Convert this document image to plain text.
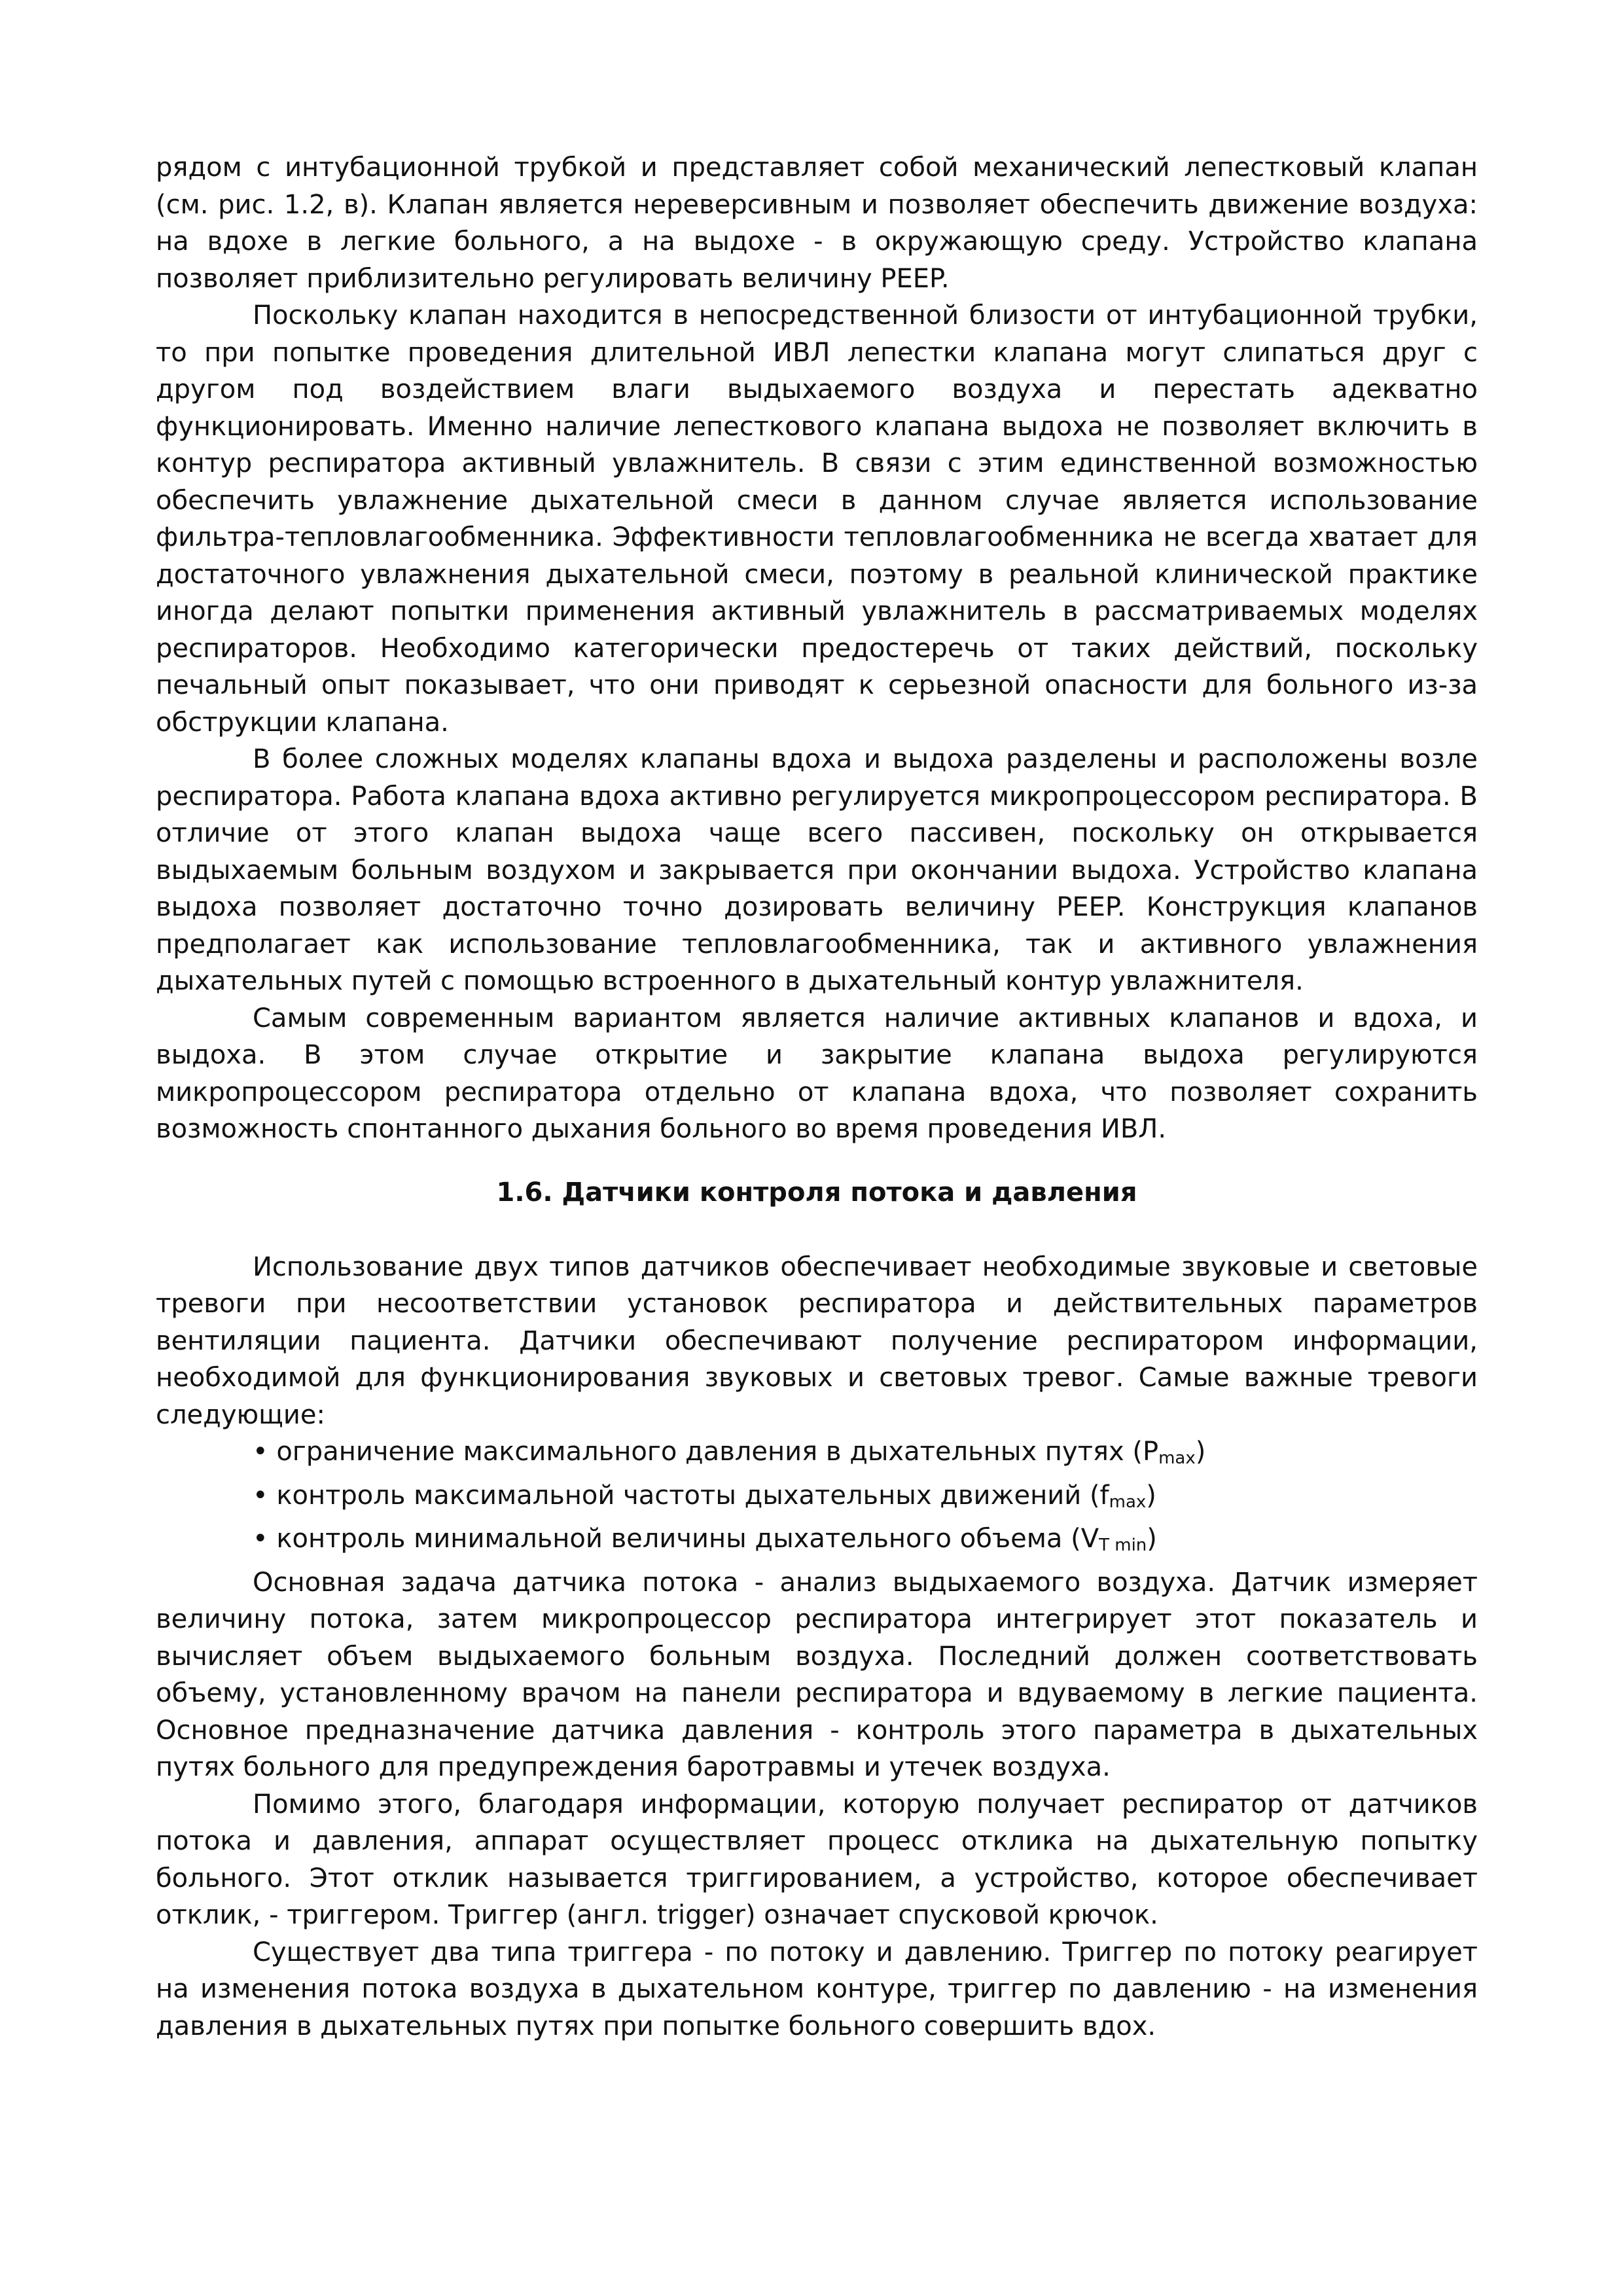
рядом с интубационной трубкой и представляет собой механический лепестковый клапан (см. рис. 1.2, в). Клапан является нереверсивным и позволяет обеспечить движение воздуха: на вдохе в легкие больного, а на выдохе - в окружающую среду. Устройство клапана позволяет приблизительно регулировать величину PEEP.

Поскольку клапан находится в непосредственной близости от интубационной трубки, то при попытке проведения длительной ИВЛ лепестки клапана могут слипаться друг с другом под воздействием влаги выдыхаемого воздуха и перестать адекватно функционировать. Именно наличие лепесткового клапана выдоха не позволяет включить в контур респиратора активный увлажнитель. В связи с этим единственной возможностью обеспечить увлажнение дыхательной смеси в данном случае является использование фильтра-тепловлагообменника. Эффективности тепловлагообменника не всегда хватает для достаточного увлажнения дыхательной смеси, поэтому в реальной клинической практике иногда делают попытки применения активный увлажнитель в рассматриваемых моделях респираторов. Необходимо категорически предостеречь от таких действий, поскольку печальный опыт показывает, что они приводят к серьезной опасности для больного из-за обструкции клапана.

В более сложных моделях клапаны вдоха и выдоха разделены и расположены возле респиратора. Работа клапана вдоха активно регулируется микропроцессором респиратора. В отличие от этого клапан выдоха чаще всего пассивен, поскольку он открывается выдыхаемым больным воздухом и закрывается при окончании выдоха. Устройство клапана выдоха позволяет достаточно точно дозировать величину PEEP. Конструкция клапанов предполагает как использование тепловлагообменника, так и активного увлажнения дыхательных путей с помощью встроенного в дыхательный контур увлажнителя.

Самым современным вариантом является наличие активных клапанов и вдоха, и выдоха. В этом случае открытие и закрытие клапана выдоха регулируются микропроцессором респиратора отдельно от клапана вдоха, что позволяет сохранить возможность спонтанного дыхания больного во время проведения ИВЛ.

1.6. Датчики контроля потока и давления

Использование двух типов датчиков обеспечивает необходимые звуковые и световые тревоги при несоответствии установок респиратора и действительных параметров вентиляции пациента. Датчики обеспечивают получение респиратором информации, необходимой для функционирования звуковых и световых тревог. Самые важные тревоги следующие:

• ограничение максимального давления в дыхательных путях (Pmax)
• контроль максимальной частоты дыхательных движений (fmax)
• контроль минимальной величины дыхательного объема (VT min)

Основная задача датчика потока - анализ выдыхаемого воздуха. Датчик измеряет величину потока, затем микропроцессор респиратора интегрирует этот показатель и вычисляет объем выдыхаемого больным воздуха. Последний должен соответствовать объему, установленному врачом на панели респиратора и вдуваемому в легкие пациента. Основное предназначение датчика давления - контроль этого параметра в дыхательных путях больного для предупреждения баротравмы и утечек воздуха.

Помимо этого, благодаря информации, которую получает респиратор от датчиков потока и давления, аппарат осуществляет процесс отклика на дыхательную попытку больного. Этот отклик называется триггированием, а устройство, которое обеспечивает отклик, - триггером. Триггер (англ. trigger) означает спусковой крючок.

Существует два типа триггера - по потоку и давлению. Триггер по потоку реагирует на изменения потока воздуха в дыхательном контуре, триггер по давлению - на изменения давления в дыхательных путях при попытке больного совершить вдох.
